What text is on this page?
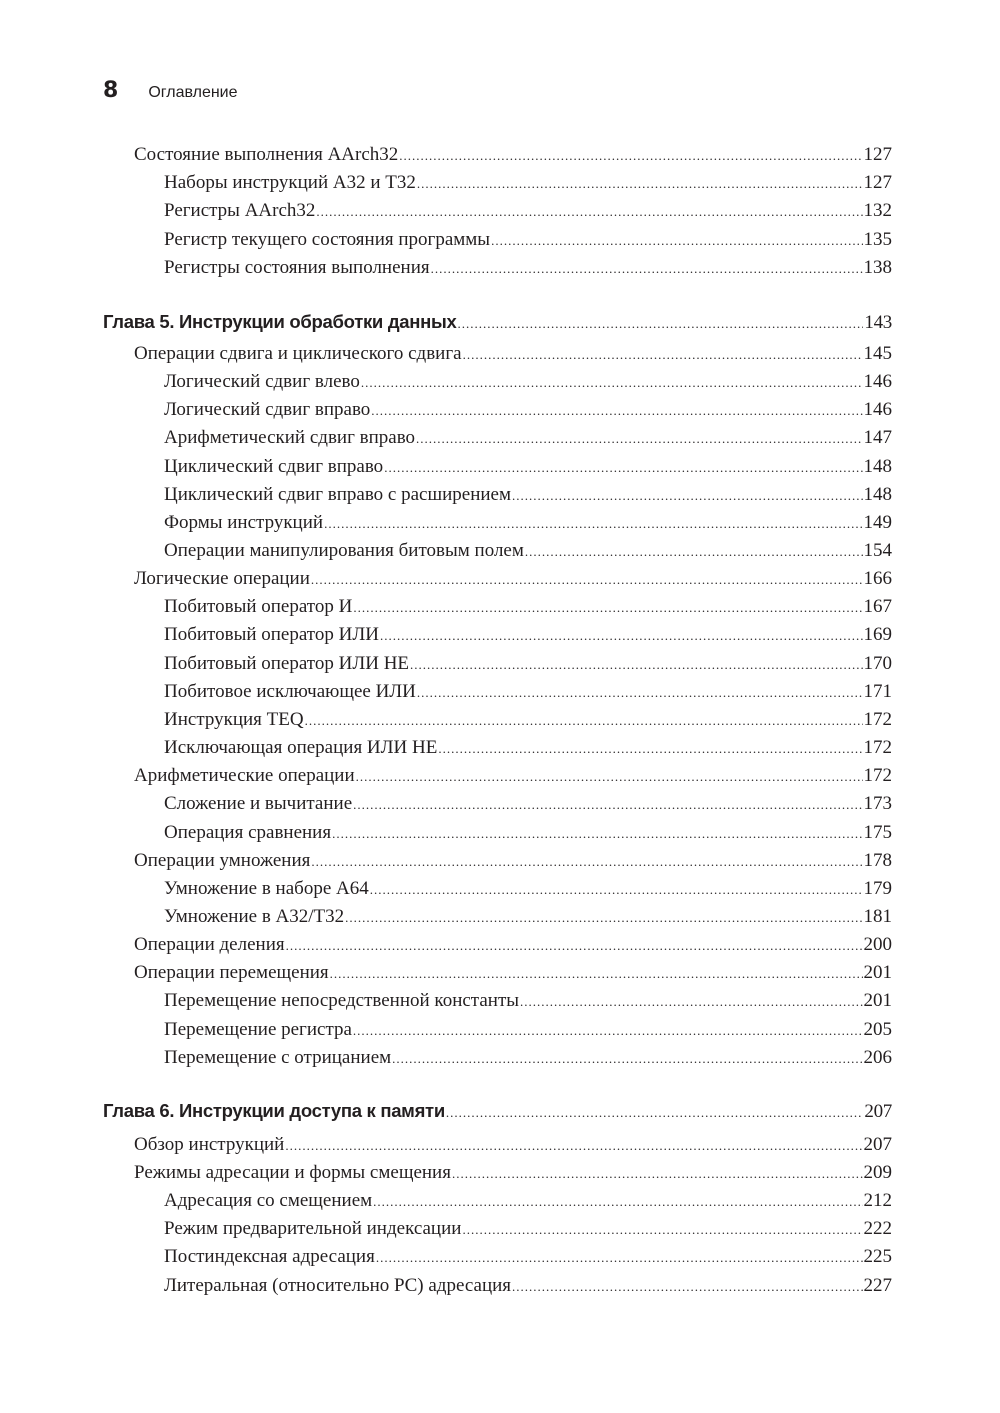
8 Оглавление
Состояние выполнения AArch32 .....	127
Наборы инструкций A32 и T32 .....	127
Регистры AArch32 .....	132
Регистр текущего состояния программы .....	135
Регистры состояния выполнения .....	138
Глава 5. Инструкции обработки данных .....	143
Операции сдвига и циклического сдвига .....	145
Логический сдвиг влево .....	146
Логический сдвиг вправо .....	146
Арифметический сдвиг вправо .....	147
Циклический сдвиг вправо .....	148
Циклический сдвиг вправо с расширением .....	148
Формы инструкций .....	149
Операции манипулирования битовым полем .....	154
Логические операции .....	166
Побитовый оператор И .....	167
Побитовый оператор ИЛИ .....	169
Побитовый оператор ИЛИ НЕ .....	170
Побитовое исключающее ИЛИ .....	171
Инструкция TEQ .....	172
Исключающая операция ИЛИ НЕ .....	172
Арифметические операции .....	172
Сложение и вычитание .....	173
Операция сравнения .....	175
Операции умножения .....	178
Умножение в наборе A64 .....	179
Умножение в A32/T32 .....	181
Операции деления .....	200
Операции перемещения .....	201
Перемещение непосредственной константы .....	201
Перемещение регистра .....	205
Перемещение с отрицанием .....	206
Глава 6. Инструкции доступа к памяти .....	207
Обзор инструкций .....	207
Режимы адресации и формы смещения .....	209
Адресация со смещением .....	212
Режим предварительной индексации .....	222
Постиндексная адресация .....	225
Литеральная (относительно PC) адресация .....	227
